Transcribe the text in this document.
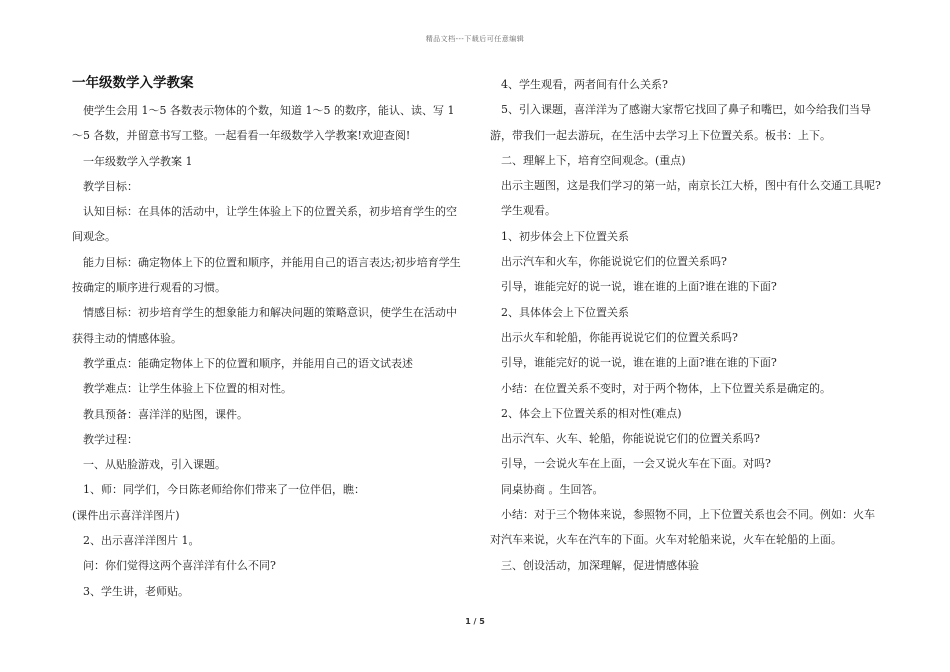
精品文档---下载后可任意编辑
一年级数学入学教案

使学生会用 1～5 各数表示物体的个数，知道 1～5 的数序，能认、读、写 1～5 各数，并留意书写工整。一起看看一年级数学入学教案!欢迎查阅!

一年级数学入学教案 1

教学目标：

认知目标：在具体的活动中，让学生体验上下的位置关系，初步培育学生的空间观念。

能力目标：确定物体上下的位置和顺序，并能用自己的语言表达;初步培育学生按确定的顺序进行观看的习惯。

情感目标：初步培育学生的想象能力和解决问题的策略意识，使学生在活动中获得主动的情感体验。

教学重点：能确定物体上下的位置和顺序，并能用自己的语文试表述

教学难点：让学生体验上下位置的相对性。

教具预备：喜洋洋的贴图，课件。

教学过程：

一、从贴脸游戏，引入课题。

1、师：同学们，今日陈老师给你们带来了一位伴侣，瞧：

(课件出示喜洋洋图片)

2、出示喜洋洋图片 1。

问：你们觉得这两个喜洋洋有什么不同?

3、学生讲，老师贴。

4、学生观看，两者间有什么关系?

5、引入课题，喜洋洋为了感谢大家帮它找回了鼻子和嘴巴，如今给我们当导游，带我们一起去游玩，在生活中去学习上下位置关系。板书：上下。

二、理解上下，培育空间观念。(重点)

出示主题图，这是我们学习的第一站，南京长江大桥，图中有什么交通工具呢?

学生观看。

1、初步体会上下位置关系

出示汽车和火车，你能说说它们的位置关系吗?

引导，谁能完好的说一说，谁在谁的上面?谁在谁的下面?

2、具体体会上下位置关系

出示火车和轮船，你能再说说它们的位置关系吗?

引导，谁能完好的说一说，谁在谁的上面?谁在谁的下面?

小结：在位置关系不变时，对于两个物体，上下位置关系是确定的。

2、体会上下位置关系的相对性(难点)

出示汽车、火车、轮船，你能说说它们的位置关系吗?

引导，一会说火车在上面，一会又说火车在下面。对吗?

同桌协商 。生回答。

小结：对于三个物体来说，参照物不同，上下位置关系也会不同。例如：火车对汽车来说，火车在汽车的下面。火车对轮船来说，火车在轮船的上面。

三、创设活动，加深理解，促进情感体验

1 / 5
